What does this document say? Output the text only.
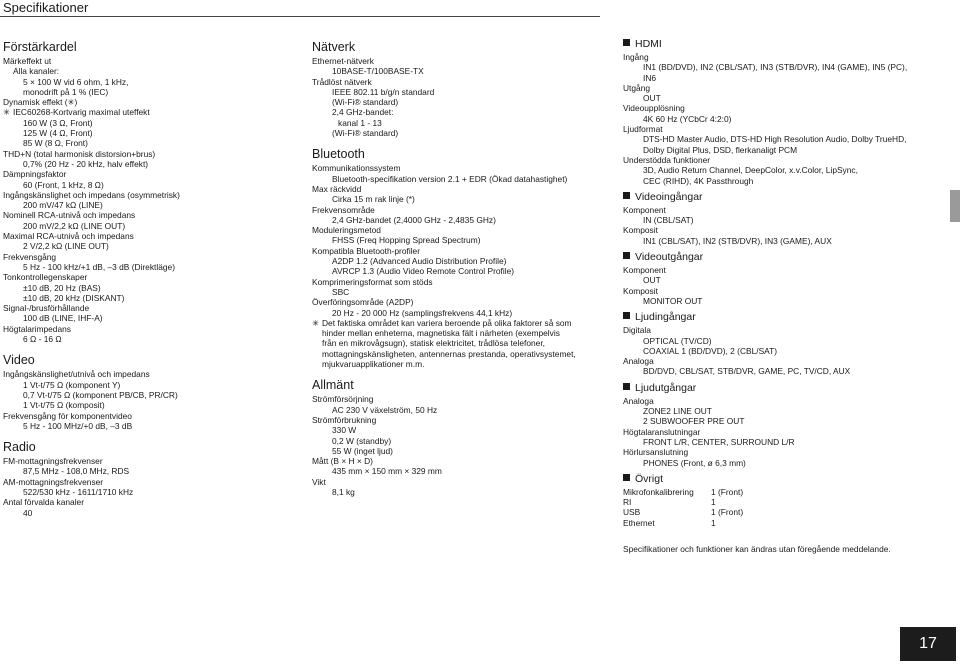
Specifikationer
Förstärkardel
Märkeffekt ut
Alla kanaler:
5 × 100 W vid 6 ohm, 1 kHz,
monodrift på 1 % (IEC)
Dynamisk effekt (✳)
✳ IEC60268-Kortvarig maximal uteffekt
160 W (3 Ω, Front)
125 W (4 Ω, Front)
85 W (8 Ω, Front)
THD+N (total harmonisk distorsion+brus)
0,7% (20 Hz - 20 kHz, halv effekt)
Dämpningsfaktor
60 (Front, 1 kHz, 8 Ω)
Ingångskänslighet och impedans (osymmetrisk)
200 mV/47 kΩ (LINE)
Nominell RCA-utnivå och impedans
200 mV/2,2 kΩ (LINE OUT)
Maximal RCA-utnivå och impedans
2 V/2,2 kΩ (LINE OUT)
Frekvensgång
5 Hz - 100 kHz/+1 dB, –3 dB (Direktläge)
Tonkontrollegenskaper
±10 dB, 20 Hz (BAS)
±10 dB, 20 kHz (DISKANT)
Signal-/brusförhållande
100 dB (LINE, IHF-A)
Högtalarimpedans
6 Ω - 16 Ω
Video
Ingångskänslighet/utnivå och impedans
1 Vt-t/75 Ω (komponent Y)
0,7 Vt-t/75 Ω (komponent PB/CB, PR/CR)
1 Vt-t/75 Ω (komposit)
Frekvensgång för komponentvideo
5 Hz - 100 MHz/+0 dB, –3 dB
Radio
FM-mottagningsfrekvenser
87,5 MHz - 108,0 MHz, RDS
AM-mottagningsfrekvenser
522/530 kHz - 1611/1710 kHz
Antal förvalda kanaler
40
Nätverk
Ethernet-nätverk
10BASE-T/100BASE-TX
Trådlöst nätverk
IEEE 802.11 b/g/n standard
(Wi-Fi® standard)
2,4 GHz-bandet:
kanal 1 - 13
(Wi-Fi® standard)
Bluetooth
Kommunikationssystem
Bluetooth-specifikation version 2.1 + EDR (Ökad datahastighet)
Max räckvidd
Cirka 15 m rak linje (*)
Frekvensområde
2,4 GHz-bandet (2,4000 GHz - 2,4835 GHz)
Moduleringsmetod
FHSS (Freq Hopping Spread Spectrum)
Kompatibla Bluetooth-profiler
A2DP 1.2 (Advanced Audio Distribution Profile)
AVRCP 1.3 (Audio Video Remote Control Profile)
Komprimeringsformat som stöds
SBC
Överföringsområde (A2DP)
20 Hz - 20 000 Hz (samplingsfrekvens 44,1 kHz)
✳ Det faktiska området kan variera beroende på olika faktorer så som
hinder mellan enheterna, magnetiska fält i närheten (exempelvis
från en mikrovågsugn), statisk elektricitet, trådlösa telefoner,
mottagningskänsligheten, antennernas prestanda, operativsystemet,
mjukvaruapplikationer m.m.
Allmänt
Strömförsörjning
AC 230 V växelström, 50 Hz
Strömförbrukning
330 W
0,2 W (standby)
55 W (inget ljud)
Mått (B × H × D)
435 mm × 150 mm × 329 mm
Vikt
8,1 kg
HDMI
Ingång
IN1 (BD/DVD), IN2 (CBL/SAT), IN3 (STB/DVR), IN4 (GAME), IN5 (PC),
IN6
Utgång
OUT
Videoupplösning
4K 60 Hz (YCbCr 4:2:0)
Ljudformat
DTS-HD Master Audio, DTS-HD High Resolution Audio, Dolby TrueHD,
Dolby Digital Plus, DSD, flerkanaligt PCM
Understödda funktioner
3D, Audio Return Channel, DeepColor, x.v.Color, LipSync,
CEC (RIHD), 4K Passthrough
Videoingångar
Komponent
IN (CBL/SAT)
Komposit
IN1 (CBL/SAT), IN2 (STB/DVR), IN3 (GAME), AUX
Videoutgångar
Komponent
OUT
Komposit
MONITOR OUT
Ljudingångar
Digitala
OPTICAL (TV/CD)
COAXIAL 1 (BD/DVD), 2 (CBL/SAT)
Analoga
BD/DVD, CBL/SAT, STB/DVR, GAME, PC, TV/CD, AUX
Ljudutgångar
Analoga
ZONE2 LINE OUT
2 SUBWOOFER PRE OUT
Högtalaranslutningar
FRONT L/R, CENTER, SURROUND L/R
Hörlursanslutning
PHONES (Front, ø 6,3 mm)
Övrigt
Mikrofonkalibrering	1 (Front)
RI	1
USB	1 (Front)
Ethernet	1
Specifikationer och funktioner kan ändras utan föregående meddelande.
17
